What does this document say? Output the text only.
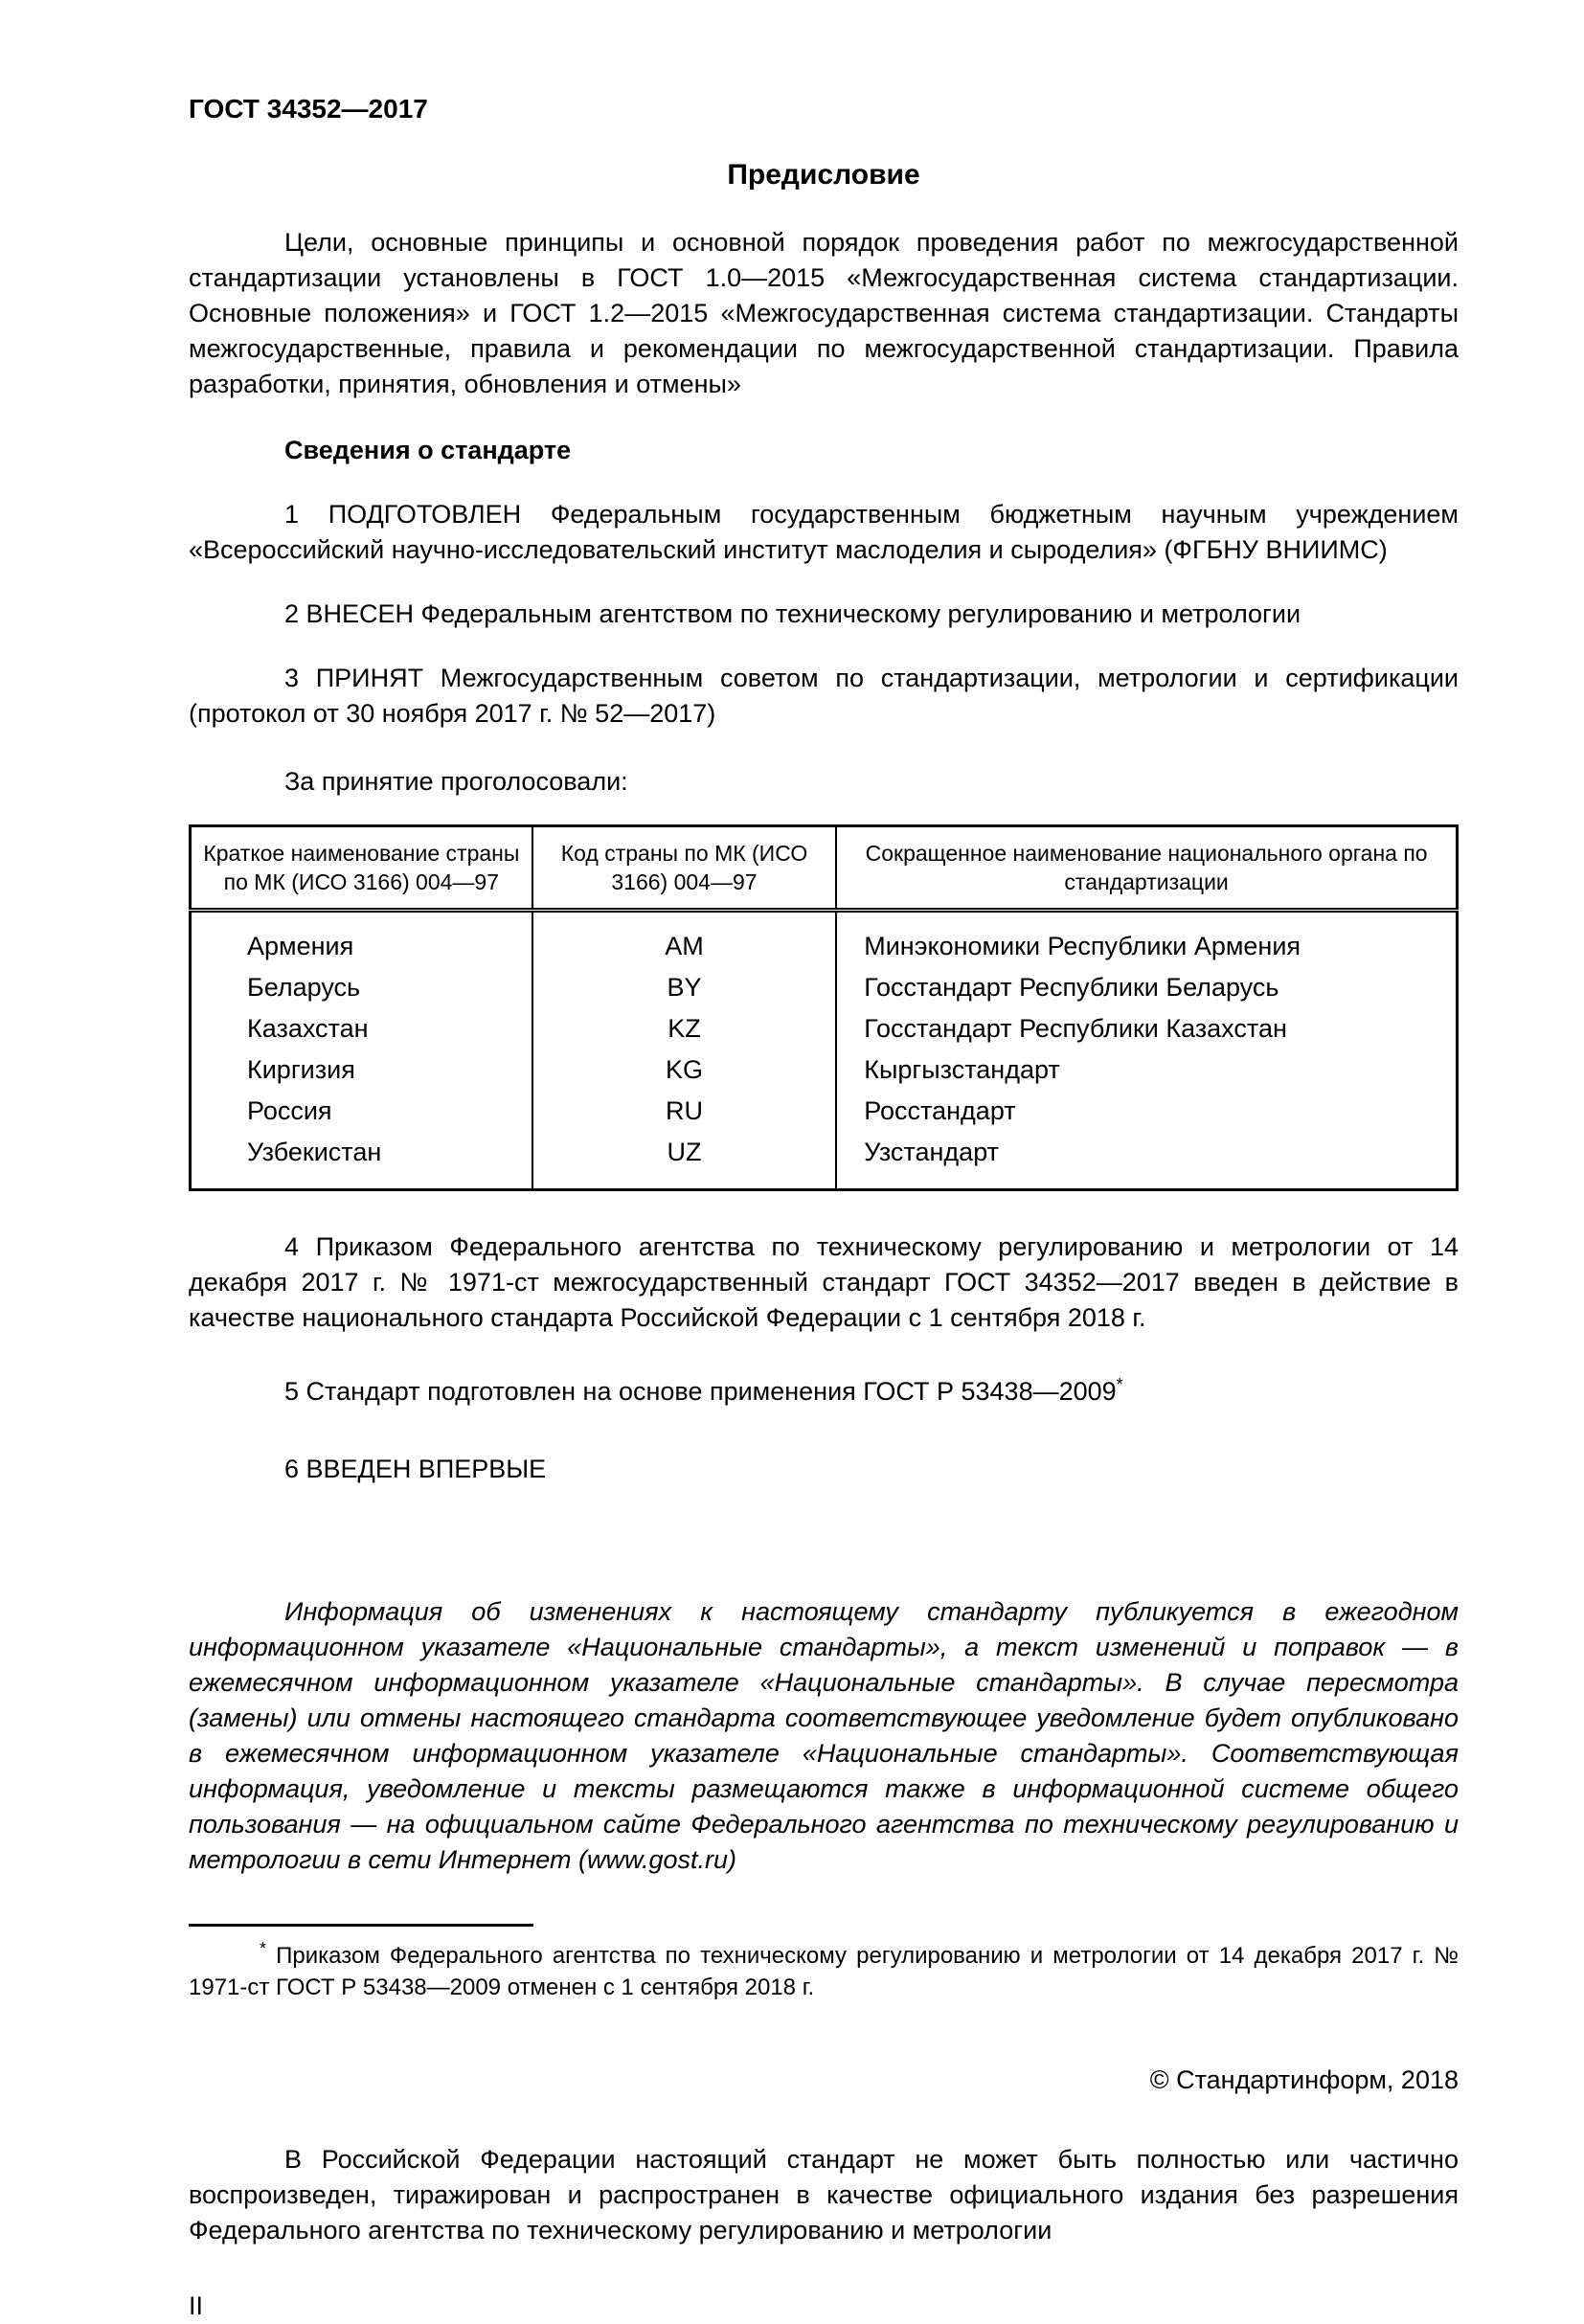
ГОСТ 34352—2017
Предисловие

Цели, основные принципы и основной порядок проведения работ по межгосударственной стандартизации установлены в ГОСТ 1.0—2015 «Межгосударственная система стандартизации. Основные положения» и ГОСТ 1.2—2015 «Межгосударственная система стандартизации. Стандарты межгосударственные, правила и рекомендации по межгосударственной стандартизации. Правила разработки, принятия, обновления и отмены»

Сведения о стандарте

1 ПОДГОТОВЛЕН Федеральным государственным бюджетным научным учреждением «Всероссийский научно-исследовательский институт маслоделия и сыроделия» (ФГБНУ ВНИИМС)

2 ВНЕСЕН Федеральным агентством по техническому регулированию и метрологии

3 ПРИНЯТ Межгосударственным советом по стандартизации, метрологии и сертификации (протокол от 30 ноября 2017 г. № 52—2017)

За принятие проголосовали:

Краткое наименование страны по МК (ИСО 3166) 004—97	Код страны по МК (ИСО 3166) 004—97	Сокращенное наименование национального органа по стандартизации
Армения	AM	Минэкономики Республики Армения
Беларусь	BY	Госстандарт Республики Беларусь
Казахстан	KZ	Госстандарт Республики Казахстан
Киргизия	KG	Кыргызстандарт
Россия	RU	Росстандарт
Узбекистан	UZ	Узстандарт

4 Приказом Федерального агентства по техническому регулированию и метрологии от 14 декабря 2017 г. № 1971-ст межгосударственный стандарт ГОСТ 34352—2017 введен в действие в качестве национального стандарта Российской Федерации с 1 сентября 2018 г.

5 Стандарт подготовлен на основе применения ГОСТ Р 53438—2009*

6 ВВЕДЕН ВПЕРВЫЕ

Информация об изменениях к настоящему стандарту публикуется в ежегодном информационном указателе «Национальные стандарты», а текст изменений и поправок — в ежемесячном информационном указателе «Национальные стандарты». В случае пересмотра (замены) или отмены настоящего стандарта соответствующее уведомление будет опубликовано в ежемесячном информационном указателе «Национальные стандарты». Соответствующая информация, уведомление и тексты размещаются также в информационной системе общего пользования — на официальном сайте Федерального агентства по техническому регулированию и метрологии в сети Интернет (www.gost.ru)

* Приказом Федерального агентства по техническому регулированию и метрологии от 14 декабря 2017 г. № 1971-ст ГОСТ Р 53438—2009 отменен с 1 сентября 2018 г.

© Стандартинформ, 2018

В Российской Федерации настоящий стандарт не может быть полностью или частично воспроизведен, тиражирован и распространен в качестве официального издания без разрешения Федерального агентства по техническому регулированию и метрологии

II
